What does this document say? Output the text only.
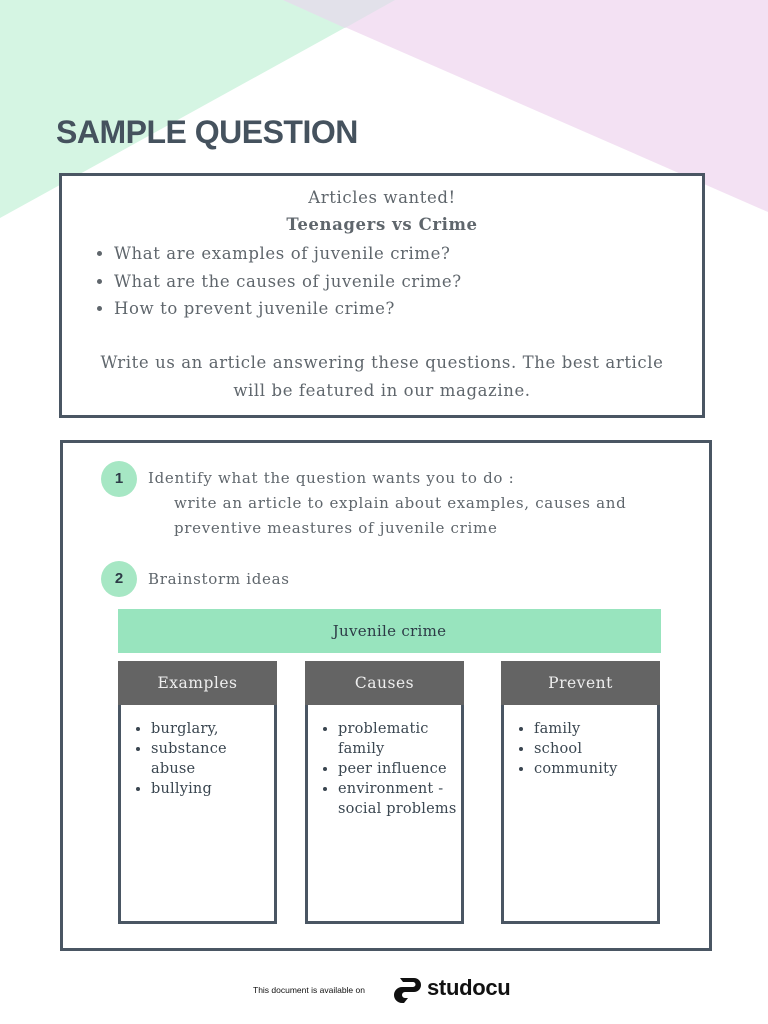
SAMPLE QUESTION
Articles wanted!
Teenagers vs Crime
• What are examples of juvenile crime?
• What are the causes of juvenile crime?
• How to prevent juvenile crime?
Write us an article answering these questions. The best article
will be featured in our magazine.
1	Identify what the question wants you to do :
write an article to explain about examples, causes and
preventive meastures of juvenile crime
2	Brainstorm ideas
Juvenile crime
Examples
• burglary,
• substance abuse
• bullying
Causes
• problematic family
• peer influence
• environment - social problems
Prevent
• family
• school
• community
This document is available on	studocu
